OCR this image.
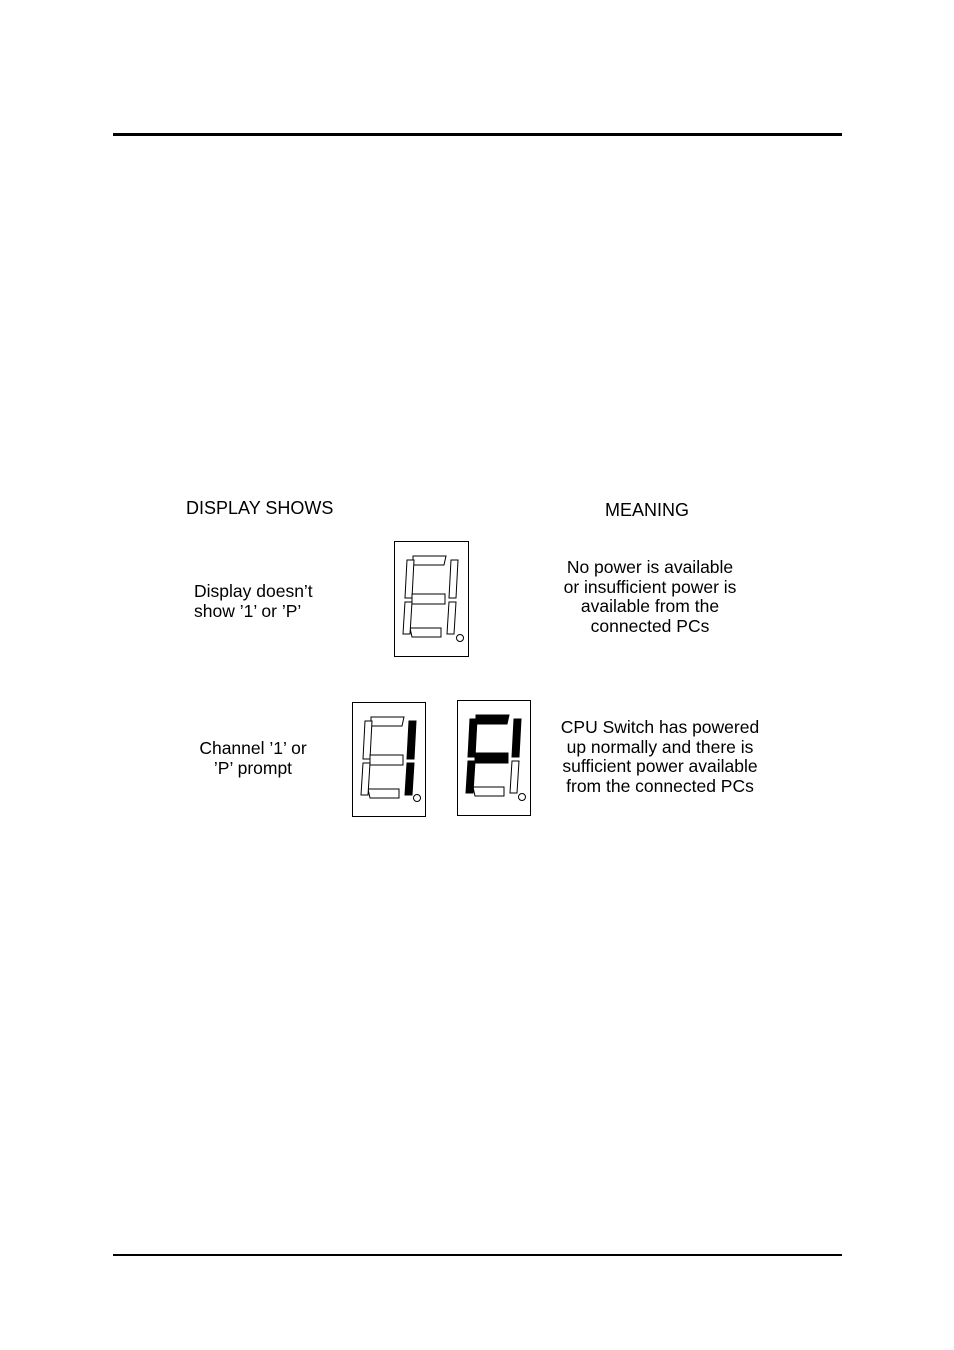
DISPLAY SHOWS	MEANING
Display doesn’t
show ’1’ or ’P’
No power is available
or insufficient power is
available from the
connected PCs
Channel ’1’ or
’P’ prompt
CPU Switch has powered
up normally and there is
sufficient power available
from the connected PCs
